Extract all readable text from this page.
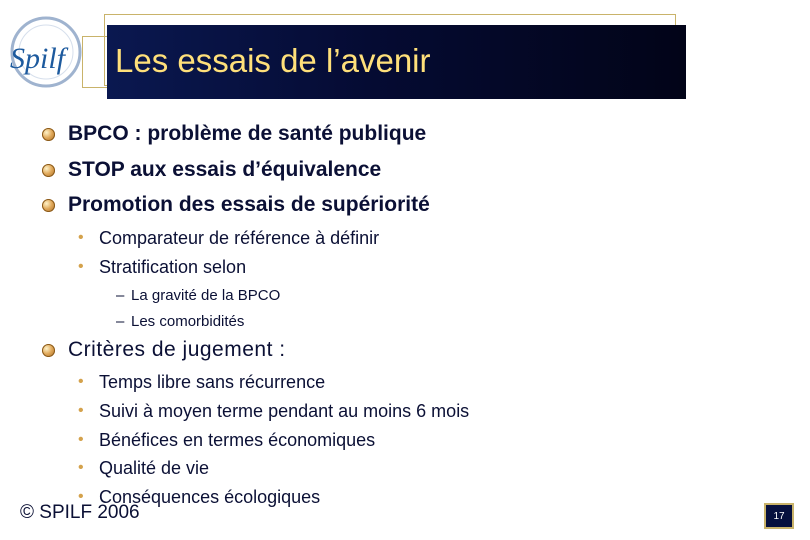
Spilf Les essais de l’avenir
BPCO : problème de santé publique
STOP aux essais d’équivalence
Promotion des essais de supériorité
• Comparateur de référence à définir
• Stratification selon
– La gravité de la BPCO
– Les comorbidités
Critères de jugement :
• Temps libre sans récurrence
• Suivi à moyen terme pendant au moins 6 mois
• Bénéfices en termes économiques
• Qualité de vie
• Conséquences écologiques
© SPILF 2006	17
